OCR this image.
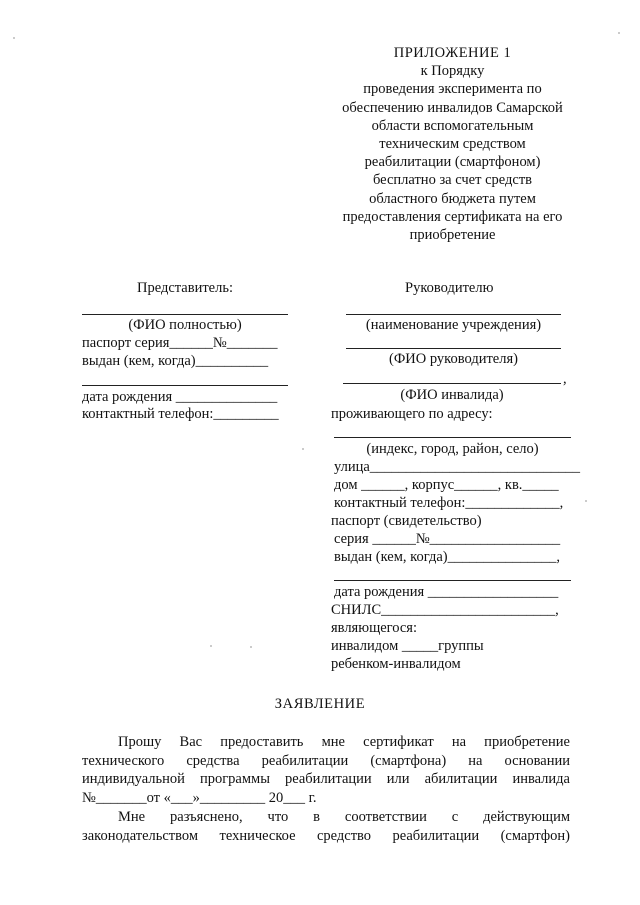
ПРИЛОЖЕНИЕ 1
к Порядку
проведения эксперимента по
обеспечению инвалидов Самарской
области вспомогательным
техническим средством
реабилитации (смартфоном)
бесплатно за счет средств
областного бюджета путем
предоставления сертификата на его
приобретение
Представитель:
(ФИО полностью)
паспорт серия______№_______
выдан (кем, когда)__________
дата рождения ______________
контактный телефон:_________
Руководителю
(наименование учреждения)
(ФИО руководителя)
,
(ФИО инвалида)
проживающего по адресу:
(индекс, город, район, село)
улица_____________________________
дом ______, корпус______, кв._____
контактный телефон:_____________,
паспорт (свидетельство)
серия ______№__________________
выдан (кем, когда)_______________,
дата рождения __________________
СНИЛС________________________,
являющегося:
инвалидом _____группы
ребенком-инвалидом
ЗАЯВЛЕНИЕ

Прошу Вас предоставить мне сертификат на приобретение

технического средства реабилитации (смартфона) на основании

индивидуальной программы реабилитации или абилитации инвалида

№_______от «___»_________ 20___ г.

Мне разъяснено, что в соответствии с действующим

законодательством техническое средство реабилитации (смартфон)
